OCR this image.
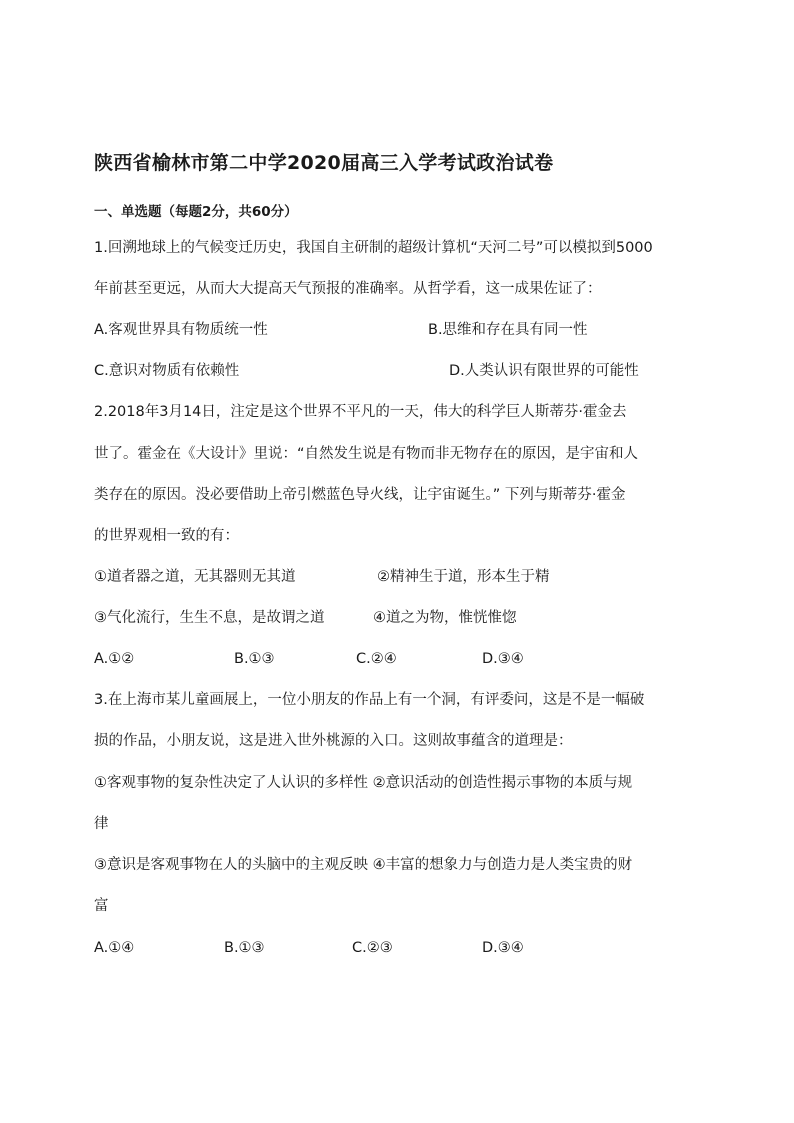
陕西省榆林市第二中学2020届高三入学考试政治试卷
一、单选题（每题2分，共60分）
1.回溯地球上的气候变迁历史，我国自主研制的超级计算机“天河二号”可以模拟到5000
年前甚至更远，从而大大提高天气预报的准确率。从哲学看，这一成果佐证了：
A.客观世界具有物质统一性	B.思维和存在具有同一性
C.意识对物质有依赖性	D.人类认识有限世界的可能性
2.2018年3月14日，注定是这个世界不平凡的一天，伟大的科学巨人斯蒂芬·霍金去
世了。霍金在《大设计》里说：“自然发生说是有物而非无物存在的原因，是宇宙和人
类存在的原因。没必要借助上帝引燃蓝色导火线，让宇宙诞生。” 下列与斯蒂芬·霍金
的世界观相一致的有：
①道者器之道，无其器则无其道	②精神生于道，形本生于精
③气化流行，生生不息，是故谓之道	④道之为物，惟恍惟惚
A.①②	B.①③	C.②④	D.③④
3.在上海市某儿童画展上，一位小朋友的作品上有一个洞，有评委问，这是不是一幅破
损的作品，小朋友说，这是进入世外桃源的入口。这则故事蕴含的道理是：
①客观事物的复杂性决定了人认识的多样性 ②意识活动的创造性揭示事物的本质与规
律
③意识是客观事物在人的头脑中的主观反映 ④丰富的想象力与创造力是人类宝贵的财
富
A.①④	B.①③	C.②③	D.③④
